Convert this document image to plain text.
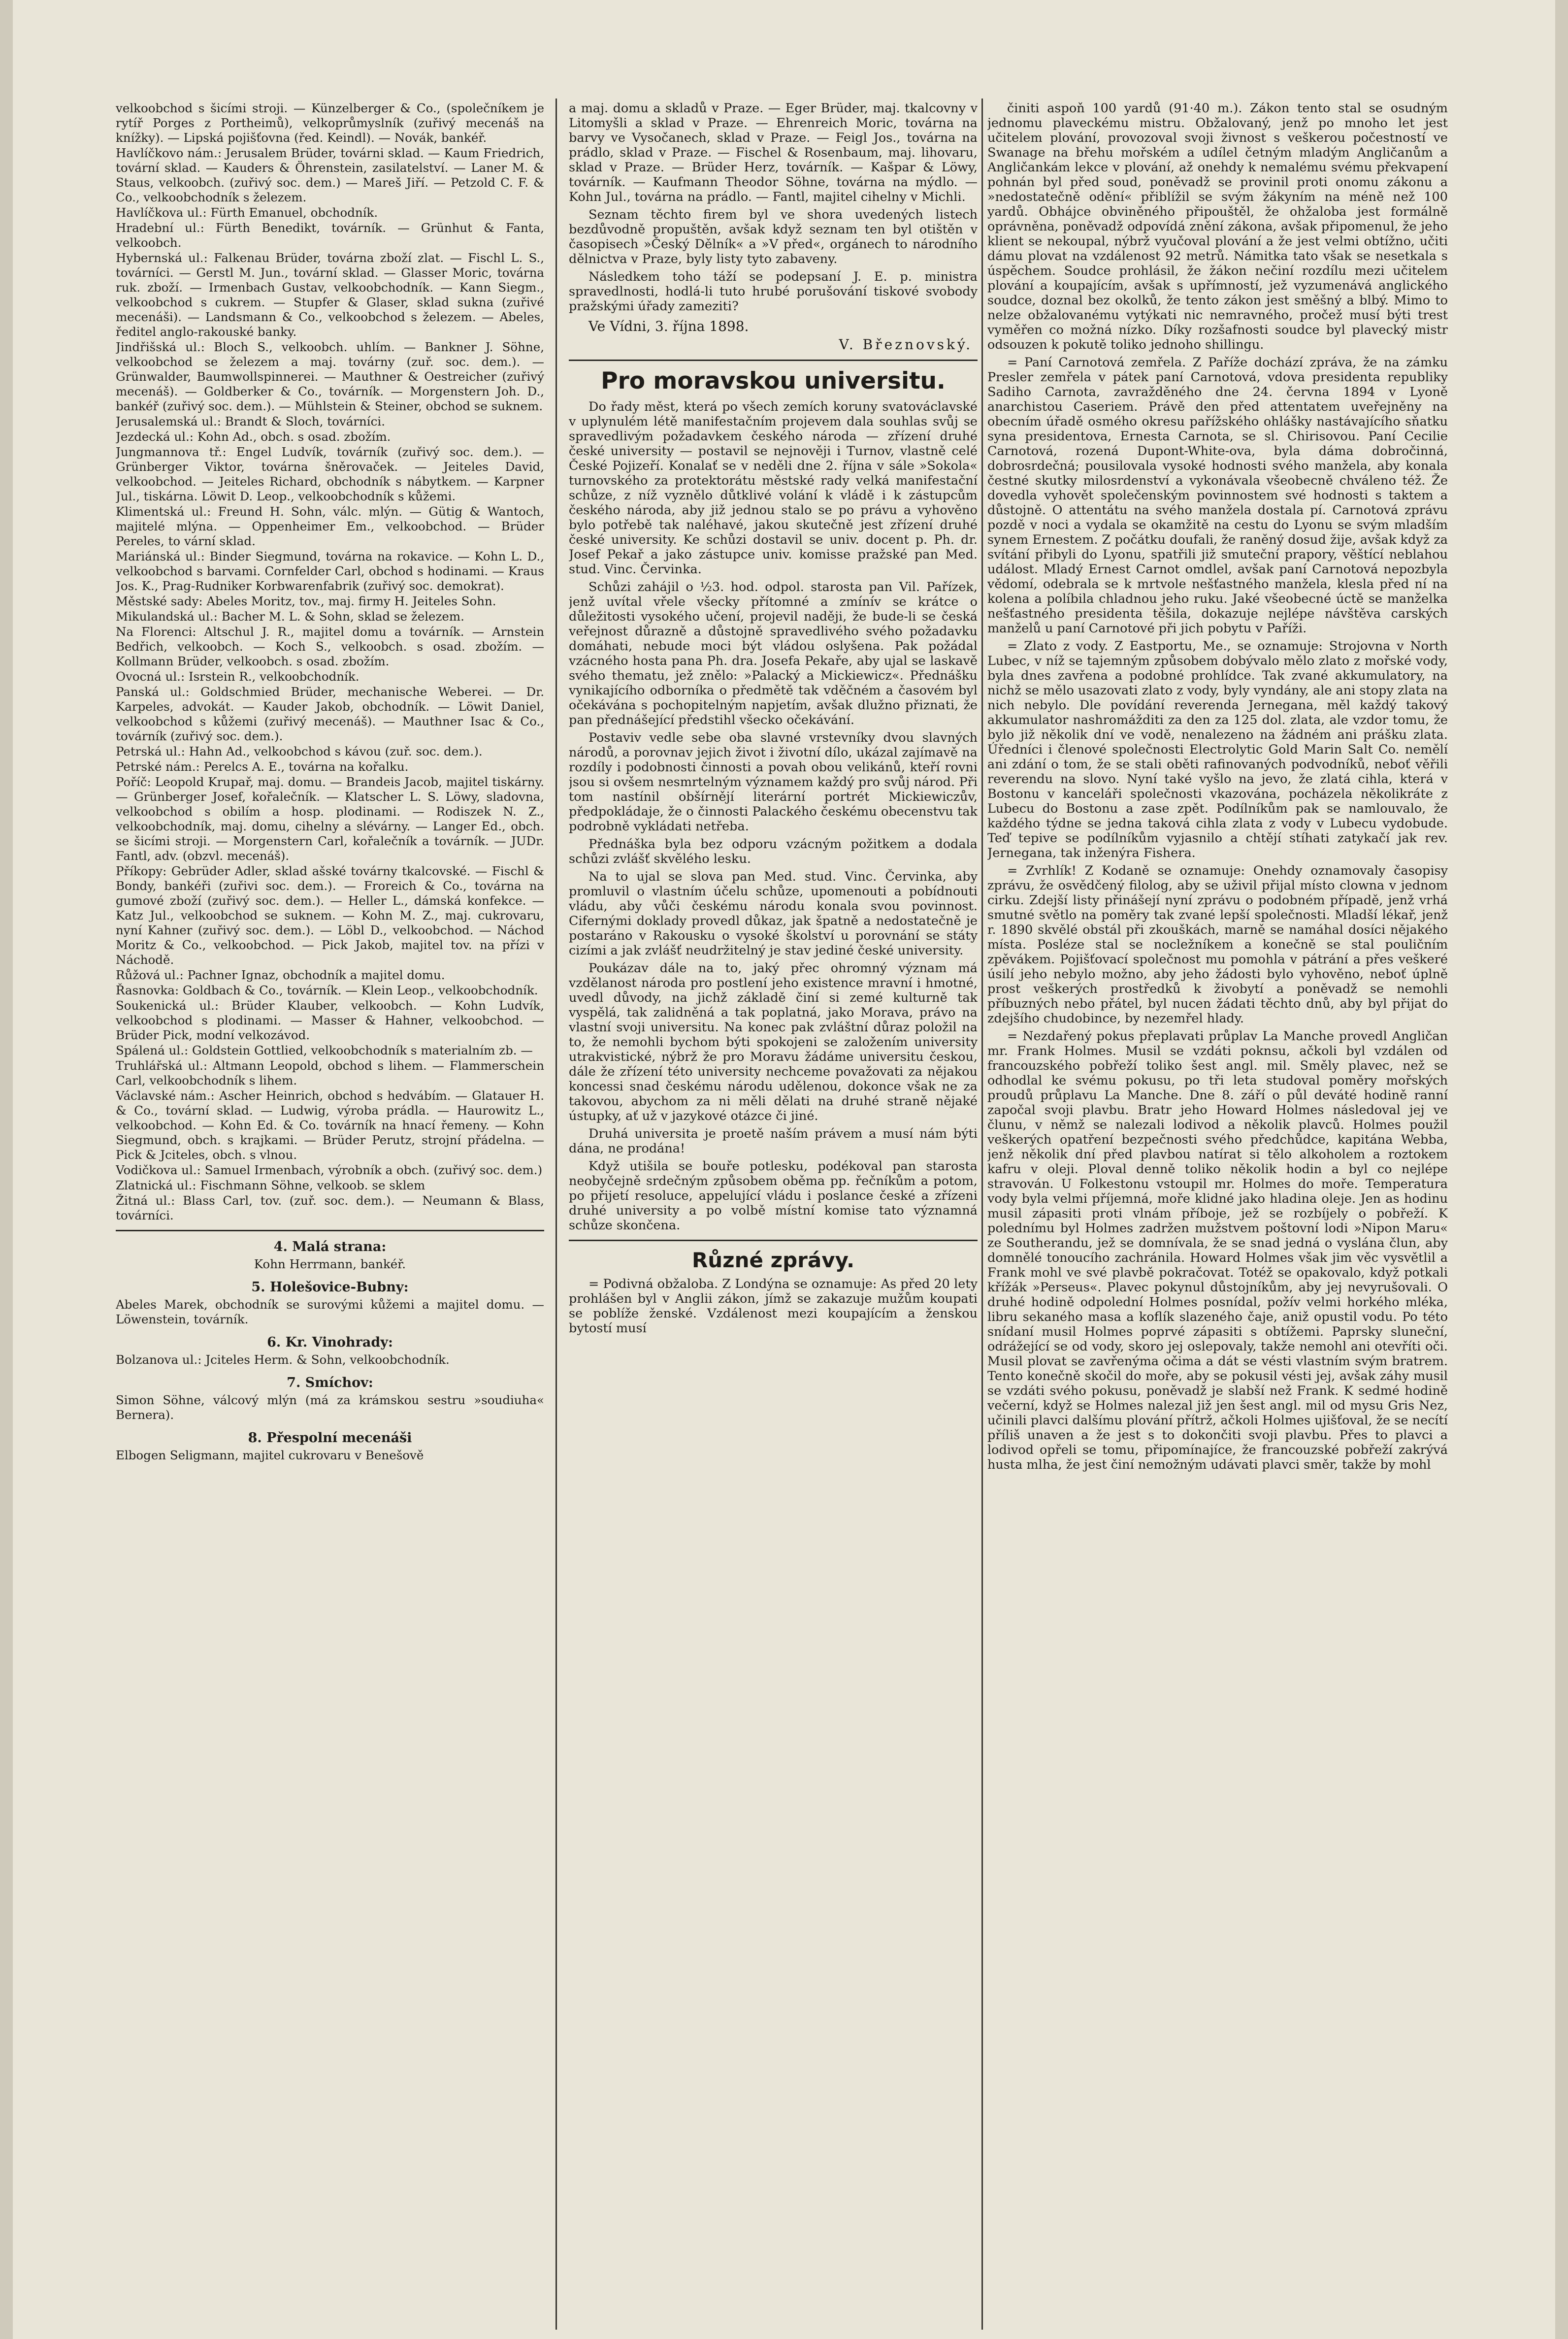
velkoobchod s šicími stroji. — Künzelberger & Co., (společníkem je rytíř Porges z Portheimů), velkoprůmyslník (zuřivý mecenáš na knížky). — Lipská pojišťovna (řed. Keindl). — Novák, bankéř.

Havlíčkovo nám.: Jerusalem Brüder, továrni sklad. — Kaum Friedrich, tovární sklad. — Kauders & Öhrenstein, zasilatelství. — Laner M. & Staus, velkoobch. (zuřivý soc. dem.) — Mareš Jiří. — Petzold C. F. & Co., velkoobchodník s železem.

Havlíčkova ul.: Fürth Emanuel, obchodník.

Hradební ul.: Fürth Benedikt, továrník. — Grünhut & Fanta, velkoobch.

Hybernská ul.: Falkenau Brüder, továrna zboží zlat. — Fischl L. S., továrníci. — Gerstl M. Jun., tovární sklad. — Glasser Moric, továrna ruk. zboží. — Irmenbach Gustav, velkoobchodník. — Kann Siegm., velkoobchod s cukrem. — Stupfer & Glaser, sklad sukna (zuřivé mecenáši). — Landsmann & Co., velkoobchod s železem. — Abeles, ředitel anglo-rakouské banky.

Jindřišská ul.: Bloch S., velkoobch. uhlím. — Bankner J. Söhne, velkoobchod se železem a maj. továrny (zuř. soc. dem.). — Grünwalder, Baumwollspinnerei. — Mauthner & Oestreicher (zuřivý mecenáš). — Goldberker & Co., továrník. — Morgenstern Joh. D., bankéř (zuřivý soc. dem.). — Mühlstein & Steiner, obchod se suknem.

Jerusalemská ul.: Brandt & Sloch, továrníci.

Jezdecká ul.: Kohn Ad., obch. s osad. zbožím.

Jungmannova tř.: Engel Ludvík, továrník (zuřivý soc. dem.). — Grünberger Viktor, továrna šněrovaček. — Jeiteles David, velkoobchod. — Jeiteles Richard, obchodník s nábytkem. — Karpner Jul., tiskárna. Löwit D. Leop., velkoobchodník s kůžemi.

Klimentská ul.: Freund H. Sohn, válc. mlýn. — Gütig & Wantoch, majitelé mlýna. — Oppenheimer Em., velkoobchod. — Brüder Pereles, to vární sklad.

Mariánská ul.: Binder Siegmund, továrna na rokavice. — Kohn L. D., velkoobchod s barvami. Cornfelder Carl, obchod s hodinami. — Kraus Jos. K., Prag-Rudniker Korbwarenfabrik (zuřivý soc. demokrat).

Městské sady: Abeles Moritz, tov., maj. firmy H. Jeiteles Sohn.

Mikulandská ul.: Bacher M. L. & Sohn, sklad se železem.

Na Florenci: Altschul J. R., majitel domu a továrník. — Arnstein Bedřich, velkoobch. — Koch S., velkoobch. s osad. zbožím. — Kollmann Brüder, velkoobch. s osad. zbožím.

Ovocná ul.: Isrstein R., velkoobchodník.

Panská ul.: Goldschmied Brüder, mechanische Weberei. — Dr. Karpeles, advokát. — Kauder Jakob, obchodník. — Löwit Daniel, velkoobchod s kůžemi (zuřivý mecenáš). — Mauthner Isac & Co., továrník (zuřivý soc. dem.).

Petrská ul.: Hahn Ad., velkoobchod s kávou (zuř. soc. dem.).

Petrské nám.: Perelcs A. E., továrna na kořalku.

Poříč: Leopold Krupař, maj. domu. — Brandeis Jacob, majitel tiskárny. — Grünberger Josef, kořalečník. — Klatscher L. S. Löwy, sladovna, velkoobchod s obilím a hosp. plodinami. — Rodiszek N. Z., velkoobchodník, maj. domu, cihelny a slévárny. — Langer Ed., obch. se šicími stroji. — Morgenstern Carl, kořalečník a továrník. — JUDr. Fantl, adv. (obzvl. mecenáš).

Příkopy: Gebrüder Adler, sklad ašské továrny tkalcovské. — Fischl & Bondy, bankéři (zuřivi soc. dem.). — Froreich & Co., továrna na gumové zboží (zuřivý soc. dem.). — Heller L., dámská konfekce. — Katz Jul., velkoobchod se suknem. — Kohn M. Z., maj. cukrovaru, nyní Kahner (zuřivý soc. dem.). — Löbl D., velkoobchod. — Náchod Moritz & Co., velkoobchod. — Pick Jakob, majitel tov. na přízi v Náchodě.

Růžová ul.: Pachner Ignaz, obchodník a majitel domu.

Řasnovka: Goldbach & Co., továrník. — Klein Leop., velkoobchodník.

Soukenická ul.: Brüder Klauber, velkoobch. — Kohn Ludvík, velkoobchod s plodinami. — Masser & Hahner, velkoobchod. — Brüder Pick, modní velkozávod.

Spálená ul.: Goldstein Gottlied, velkoobchodník s materialním zb. —

Truhlářská ul.: Altmann Leopold, obchod s lihem. — Flammerschein Carl, velkoobchodník s lihem.

Václavské nám.: Ascher Heinrich, obchod s hedvábím. — Glatauer H. & Co., tovární sklad. — Ludwig, výroba prádla. — Haurowitz L., velkoobchod. — Kohn Ed. & Co. továrník na hnací řemeny. — Kohn Siegmund, obch. s krajkami. — Brüder Perutz, strojní přádelna. — Pick & Jciteles, obch. s vlnou.

Vodičkova ul.: Samuel Irmenbach, výrobník a obch. (zuřivý soc. dem.)

Zlatnická ul.: Fischmann Söhne, velkoob. se sklem

Žitná ul.: Blass Carl, tov. (zuř. soc. dem.). — Neumann & Blass, továrníci.

4. Malá strana:

Kohn Herrmann, bankéř.

5. Holešovice-Bubny:

Abeles Marek, obchodník se surovými kůžemi a majitel domu. — Löwenstein, továrník.

6. Kr. Vinohrady:

Bolzanova ul.: Jciteles Herm. & Sohn, velkoobchodník.

7. Smíchov:

Simon Söhne, válcový mlýn (má za krámskou sestru »soudiuha« Bernera).

8. Přespolní mecenáši

Elbogen Seligmann, majitel cukrovaru v Benešově

a maj. domu a skladů v Praze. — Eger Brüder, maj. tkalcovny v Litomyšli a sklad v Praze. — Ehrenreich Moric, továrna na barvy ve Vysočanech, sklad v Praze. — Feigl Jos., továrna na prádlo, sklad v Praze. — Fischel & Rosenbaum, maj. lihovaru, sklad v Praze. — Brüder Herz, továrník. — Kašpar & Löwy, továrník. — Kaufmann Theodor Söhne, továrna na mýdlo. — Kohn Jul., továrna na prádlo. — Fantl, majitel cihelny v Michli.

Seznam těchto firem byl ve shora uvedených listech bezdůvodně propuštěn, avšak když seznam ten byl otištěn v časopisech »Český Dělník« a »V před«, orgánech to národního dělnictva v Praze, byly listy tyto zabaveny.

Následkem toho táží se podepsaní J. E. p. ministra spravedlnosti, hodlá-li tuto hrubé porušování tiskové svobody pražskými úřady zameziti?

Ve Vídni, 3. října 1898.

V. Březnovský.
Pro moravskou universitu.

Do řady měst, která po všech zemích koruny svatováclavské v uplynulém létě manifestačním projevem dala souhlas svůj se spravedlivým požadavkem českého národa — zřízení druhé české university — postavil se nejnověji i Turnov, vlastně celé České Pojizeří. Konalať se v neděli dne 2. října v sále »Sokola« turnovského za protektorátu městské rady velká manifestační schůze, z níž vyznělo důtklivé volání k vládě i k zástupcům českého národa, aby již jednou stalo se po právu a vyhověno bylo potřebě tak naléhavé, jakou skutečně jest zřízení druhé české university. Ke schůzi dostavil se univ. docent p. Ph. dr. Josef Pekař a jako zástupce univ. komisse pražské pan Med. stud. Vinc. Červinka.

Schůzi zahájil o ½3. hod. odpol. starosta pan Vil. Pařízek, jenž uvítal vřele všecky přítomné a zmínív se krátce o důležitosti vysokého učení, projevil naději, že bude-li se česká veřejnost důrazně a důstojně spravedlivého svého požadavku domáhati, nebude moci být vládou oslyšena. Pak požádal vzácného hosta pana Ph. dra. Josefa Pekaře, aby ujal se laskavě svého thematu, jež znělo: »Palacký a Mickiewicz«. Přednášku vynikajícího odborníka o předmětě tak vděčném a časovém byl očekávána s pochopitelným napjetím, avšak dlužno přiznati, že pan přednášející předstihl všecko očekávání.

Postaviv vedle sebe oba slavné vrstevníky dvou slavných národů, a porovnav jejich život i životní dílo, ukázal zajímavě na rozdíly i podobnosti činnosti a povah obou velikánů, kteří rovni jsou si ovšem nesmrtelným významem každý pro svůj národ. Při tom nastínil obšírnějí literární portrét Mickiewiczův, předpokládaje, že o činnosti Palackého českému obecenstvu tak podrobně vykládati netřeba.

Přednáška byla bez odporu vzácným požitkem a dodala schůzi zvlášť skvělého lesku.

Na to ujal se slova pan Med. stud. Vinc. Červinka, aby promluvil o vlastním účelu schůze, upomenouti a pobídnouti vládu, aby vůči českému národu konala svou povinnost. Cifernými doklady provedl důkaz, jak špatně a nedostatečně je postaráno v Rakousku o vysoké školství u porovnání se státy cizími a jak zvlášť neudržitelný je stav jediné české university.

Poukázav dále na to, jaký přec ohromný význam má vzdělanost národa pro postlení jeho existence mravní i hmotné, uvedl důvody, na jichž základě činí si zemé kulturně tak vyspělá, tak zalidněná a tak poplatná, jako Morava, právo na vlastní svoji universitu. Na konec pak zvláštní důraz položil na to, že nemohli bychom býti spokojeni se založením university utrakvistické, nýbrž že pro Moravu žádáme universitu českou, dále že zřízení této university nechceme považovati za nějakou koncessi snad českému národu udělenou, dokonce však ne za takovou, abychom za ni měli dělati na druhé straně nějaké ústupky, ať už v jazykové otázce či jiné.

Druhá universita je proetě naším právem a musí nám býti dána, ne prodána!

Když utišila se bouře potlesku, podékoval pan starosta neobyčejně srdečným způsobem oběma pp. řečníkům a potom, po přijetí resoluce, appelující vládu i poslance české a zřízeni druhé university a po volbě místní komise tato významná schůze skončena.

Různé zprávy.

= Podivná obžaloba. Z Londýna se oznamuje: As před 20 lety prohlášen byl v Anglii zákon, jímž se zakazuje mužům koupati se poblíže ženské. Vzdálenost mezi koupajícím a ženskou bytostí musí

činiti aspoň 100 yardů (91·40 m.). Zákon tento stal se osudným jednomu plaveckému mistru. Obžalovaný, jenž po mnoho let jest učitelem plování, provozoval svoji živnost s veškerou počestností ve Swanage na břehu mořském a udílel četným mladým Angličanům a Angličankám lekce v plování, až onehdy k nemalému svému překvapení pohnán byl před soud, poněvadž se provinil proti onomu zákonu a »nedostatečně odění« přiblížil se svým žákyním na méně než 100 yardů. Obhájce obviněného připouštěl, že ohžaloba jest formálně oprávněna, poněvadž odpovídá znění zákona, avšak připomenul, že jeho klient se nekoupal, nýbrž vyučoval plování a že jest velmi obtížno, učiti dámu plovat na vzdálenost 92 metrů. Námitka tato však se nesetkala s úspěchem. Soudce prohlásil, že žákon nečiní rozdílu mezi učitelem plování a koupajícím, avšak s upřímností, jež vyzumenává anglického soudce, doznal bez okolků, že tento zákon jest směšný a blbý. Mimo to nelze obžalovanému vytýkati nic nemravného, pročež musí býti trest vyměřen co možná nízko. Díky rozšafnosti soudce byl plavecký mistr odsouzen k pokutě toliko jednoho shillingu.

= Paní Carnotová zemřela. Z Paříže dochází zpráva, že na zámku Presler zemřela v pátek paní Carnotová, vdova presidenta republiky Sadiho Carnota, zavražděného dne 24. června 1894 v Lyoně anarchistou Caseriem. Právě den před attentatem uveřejněny na obecním úřadě osmého okresu pařížského ohlášky nastávajícího sňatku syna presidentova, Ernesta Carnota, se sl. Chirisovou. Paní Cecilie Carnotová, rozená Dupont-White-ova, byla dáma dobročinná, dobrosrdečná; pousilovala vysoké hodnosti svého manžela, aby konala čestné skutky milosrdenství a vykonávala všeobecně chváleno též. Že dovedla vyhovět společenským povinnostem své hodnosti s taktem a důstojně. O attentátu na svého manžela dostala pí. Carnotová zprávu pozdě v noci a vydala se okamžitě na cestu do Lyonu se svým mladším synem Ernestem. Z počátku doufali, že raněný dosud žije, avšak když za svítání přibyli do Lyonu, spatřili již smuteční prapory, věštící neblahou událost. Mladý Ernest Carnot omdlel, avšak paní Carnotová nepozbyla vědomí, odebrala se k mrtvole nešťastného manžela, klesla před ní na kolena a políbila chladnou jeho ruku. Jaké všeobecné úctě se manželka nešťastného presidenta těšila, dokazuje nejlépe návštěva carských manželů u paní Carnotové při jich pobytu v Paříži.

= Zlato z vody. Z Eastportu, Me., se oznamuje: Strojovna v North Lubec, v níž se tajemným způsobem dobývalo mělo zlato z mořské vody, byla dnes zavřena a podobné prohlídce. Tak zvané akkumulatory, na nichž se mělo usazovati zlato z vody, byly vyndány, ale ani stopy zlata na nich nebylo. Dle povídání reverenda Jernegana, měl každý takový akkumulator nashromážditi za den za 125 dol. zlata, ale vzdor tomu, že bylo již několik dní ve vodě, nenalezeno na žádném ani prášku zlata. Úředníci i členové společnosti Electrolytic Gold Marin Salt Co. nemělí ani zdání o tom, že se stali oběti rafinovaných podvodníků, neboť věřili reverendu na slovo. Nyní také vyšlo na jevo, že zlatá cihla, která v Bostonu v kanceláři společnosti vkazována, pocházela několikráte z Lubecu do Bostonu a zase zpět. Podílníkům pak se namlouvalo, že každého týdne se jedna taková cihla zlata z vody v Lubecu vydobude. Teď tepive se podílníkům vyjasnilo a chtějí stíhati zatykačí jak rev. Jernegana, tak inženýra Fishera.

= Zvrhlík! Z Kodaně se oznamuje: Onehdy oznamovaly časopisy zprávu, že osvědčený filolog, aby se uživil přijal místo clowna v jednom cirku. Zdejší listy přinášejí nyní zprávu o podobném případě, jenž vrhá smutné světlo na poměry tak zvané lepší společnosti. Mladší lékař, jenž r. 1890 skvělé obstál při zkouškách, marně se namáhal dosíci nějakého místa. Posléze stal se nocležníkem a konečně se stal pouličním zpěvákem. Pojišťovací společnost mu pomohla v pátrání a přes veškeré úsilí jeho nebylo možno, aby jeho žádosti bylo vyhověno, neboť úplně prost veškerých prostředků k živobytí a poněvadž se nemohli příbuzných nebo přátel, byl nucen žádati těchto dnů, aby byl přijat do zdejšího chudobince, by nezemřel hlady.

= Nezdařený pokus přeplavati průplav La Manche provedl Angličan mr. Frank Holmes. Musil se vzdáti poknsu, ačkoli byl vzdálen od francouzského pobřeží toliko šest angl. mil. Směly plavec, než se odhodlal ke svému pokusu, po tři leta studoval poměry mořských proudů průplavu La Manche. Dne 8. září o půl deváté hodině ranní započal svoji plavbu. Bratr jeho Howard Holmes následoval jej ve člunu, v němž se nalezali lodivod a několik plavců. Holmes použil veškerých opatření bezpečnosti svého předchůdce, kapitána Webba, jenž několik dní před plavbou natírat si tělo alkoholem a roztokem kafru v oleji. Ploval denně toliko několik hodin a byl co nejlépe stravován. U Folkestonu vstoupil mr. Holmes do moře. Temperatura vody byla velmi příjemná, moře klidné jako hladina oleje. Jen as hodinu musil zápasiti proti vlnám příboje, jež se rozbíjely o pobřeží. K polednímu byl Holmes zadržen mužstvem poštovní lodi »Nipon Maru« ze Southerandu, jež se domnívala, že se snad jedná o vyslána člun, aby domnělé tonoucího zachránila. Howard Holmes však jim věc vysvětlil a Frank mohl ve své plavbě pokračovat. Totéž se opakovalo, když potkali křížák »Perseus«. Plavec pokynul důstojníkům, aby jej nevyrušovali. O druhé hodině odpolední Holmes posnídal, požív velmi horkého mléka, libru sekaného masa a koflík slazeného čaje, aniž opustil vodu. Po této snídaní musil Holmes poprvé zápasiti s obtížemi. Paprsky sluneční, odrážející se od vody, skoro jej oslepovaly, takže nemohl ani otevříti oči. Musil plovat se zavřenýma očima a dát se vésti vlastním svým bratrem. Tento konečně skočil do moře, aby se pokusil vésti jej, avšak záhy musil se vzdáti svého pokusu, poněvadž je slabší než Frank. K sedmé hodině večerní, když se Holmes nalezal již jen šest angl. mil od mysu Gris Nez, učinili plavci dalšímu plování přítrž, ačkoli Holmes ujišťoval, že se necítí příliš unaven a že jest s to dokončiti svoji plavbu. Přes to plavci a lodivod opřeli se tomu, připomínajíce, že francouzské pobřeží zakrývá husta mlha, že jest činí nemožným udávati plavci směr, takže by mohl
